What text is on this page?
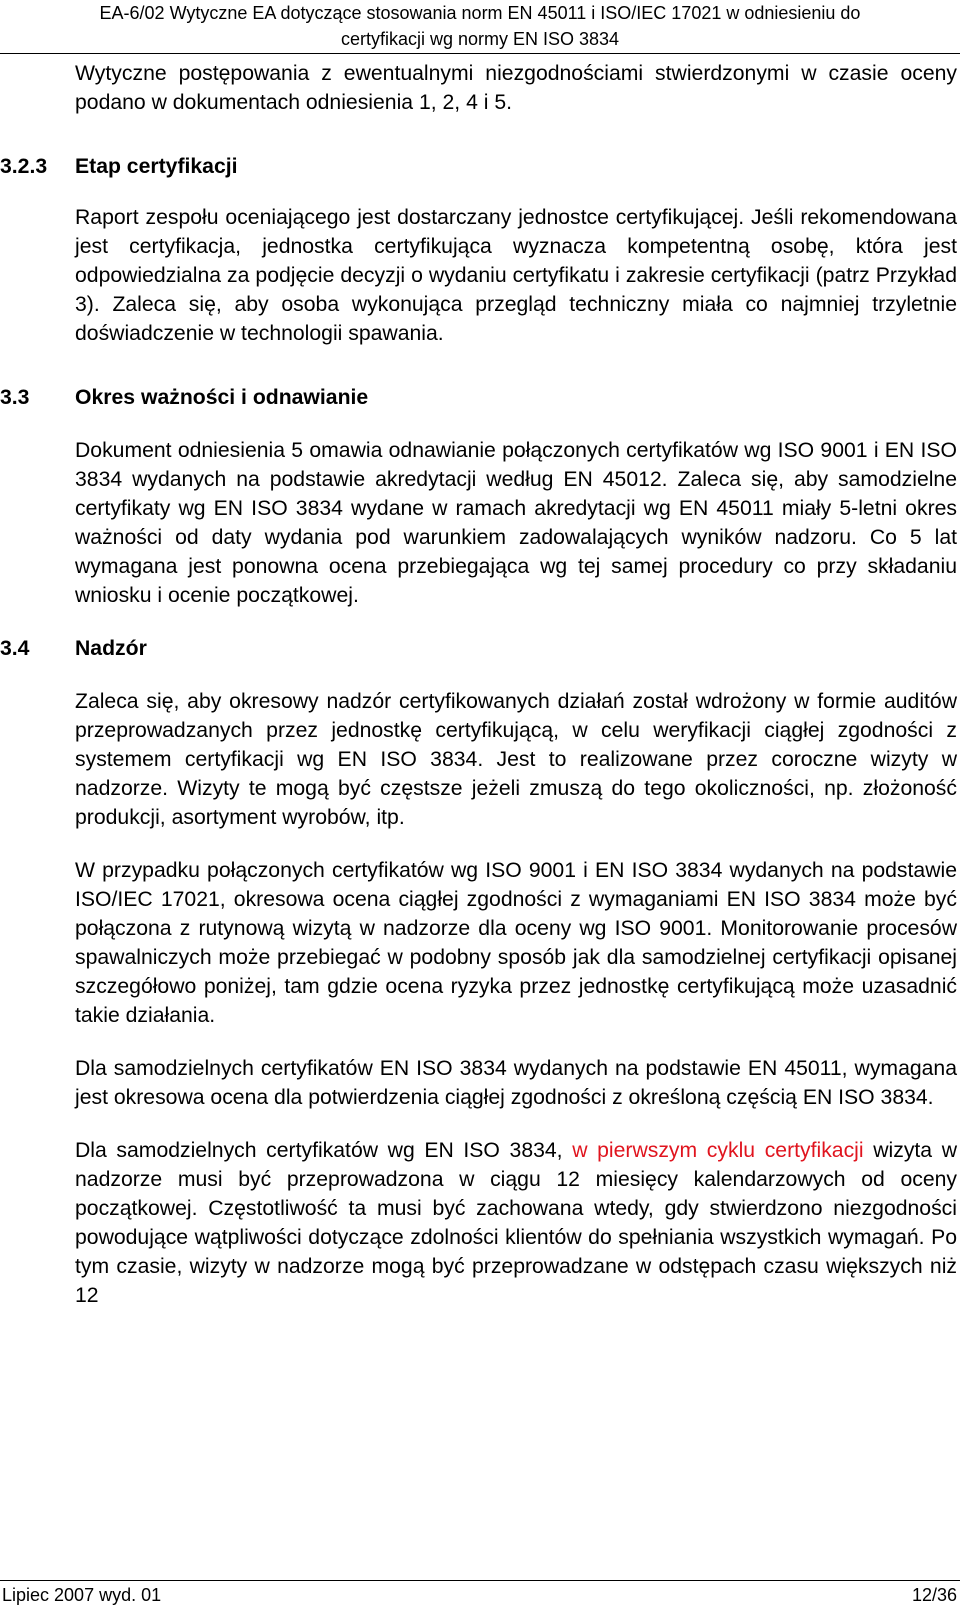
EA-6/02 Wytyczne EA dotyczące stosowania norm EN 45011 i ISO/IEC 17021 w odniesieniu do
certyfikacji wg normy EN ISO 3834

Wytyczne postępowania z ewentualnymi niezgodnościami stwierdzonymi w czasie oceny podano w dokumentach odniesienia 1, 2, 4 i 5.

3.2.3 Etap certyfikacji

Raport zespołu oceniającego jest dostarczany jednostce certyfikującej. Jeśli rekomendowana jest certyfikacja, jednostka certyfikująca wyznacza kompetentną osobę, która jest odpowiedzialna za podjęcie decyzji o wydaniu certyfikatu i zakresie certyfikacji (patrz Przykład 3). Zaleca się, aby osoba wykonująca przegląd techniczny miała co najmniej trzyletnie doświadczenie w technologii spawania.

3.3 Okres ważności i odnawianie

Dokument odniesienia 5 omawia odnawianie połączonych certyfikatów wg ISO 9001 i EN ISO 3834 wydanych na podstawie akredytacji według EN 45012. Zaleca się, aby samodzielne certyfikaty wg EN ISO 3834 wydane w ramach akredytacji wg EN 45011 miały 5-letni okres ważności od daty wydania pod warunkiem zadowalających wyników nadzoru. Co 5 lat wymagana jest ponowna ocena przebiegająca wg tej samej procedury co przy składaniu wniosku i ocenie początkowej.

3.4 Nadzór

Zaleca się, aby okresowy nadzór certyfikowanych działań został wdrożony w formie auditów przeprowadzanych przez jednostkę certyfikującą, w celu weryfikacji ciągłej zgodności z systemem certyfikacji wg EN ISO 3834. Jest to realizowane przez coroczne wizyty w nadzorze. Wizyty te mogą być częstsze jeżeli zmuszą do tego okoliczności, np. złożoność produkcji, asortyment wyrobów, itp.

W przypadku połączonych certyfikatów wg ISO 9001 i EN ISO 3834 wydanych na podstawie ISO/IEC 17021, okresowa ocena ciągłej zgodności z wymaganiami EN ISO 3834 może być połączona z rutynową wizytą w nadzorze dla oceny wg ISO 9001. Monitorowanie procesów spawalniczych może przebiegać w podobny sposób jak dla samodzielnej certyfikacji opisanej szczegółowo poniżej, tam gdzie ocena ryzyka przez jednostkę certyfikującą może uzasadnić takie działania.

Dla samodzielnych certyfikatów EN ISO 3834 wydanych na podstawie EN 45011, wymagana jest okresowa ocena dla potwierdzenia ciągłej zgodności z określoną częścią EN ISO 3834.

Dla samodzielnych certyfikatów wg EN ISO 3834, w pierwszym cyklu certyfikacji wizyta w nadzorze musi być przeprowadzona w ciągu 12 miesięcy kalendarzowych od oceny początkowej. Częstotliwość ta musi być zachowana wtedy, gdy stwierdzono niezgodności powodujące wątpliwości dotyczące zdolności klientów do spełniania wszystkich wymagań. Po tym czasie, wizyty w nadzorze mogą być przeprowadzane w odstępach czasu większych niż 12

Lipiec 2007 wyd. 01	12/36
